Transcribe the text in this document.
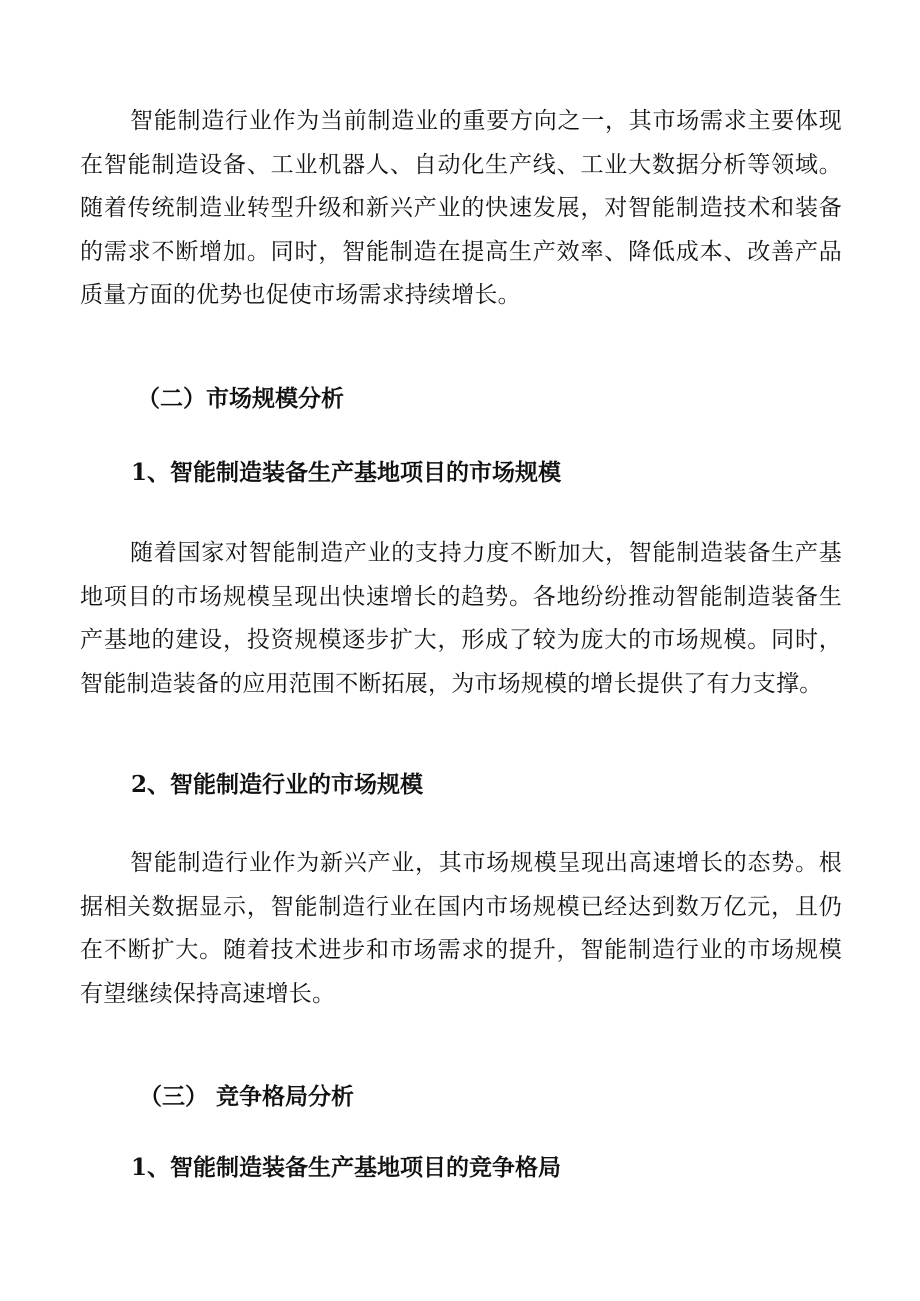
智能制造行业作为当前制造业的重要方向之一，其市场需求主要体现在智能制造设备、工业机器人、自动化生产线、工业大数据分析等领域。随着传统制造业转型升级和新兴产业的快速发展，对智能制造技术和装备的需求不断增加。同时，智能制造在提高生产效率、降低成本、改善产品质量方面的优势也促使市场需求持续增长。

（二）市场规模分析
1、智能制造装备生产基地项目的市场规模

随着国家对智能制造产业的支持力度不断加大，智能制造装备生产基地项目的市场规模呈现出快速增长的趋势。各地纷纷推动智能制造装备生产基地的建设，投资规模逐步扩大，形成了较为庞大的市场规模。同时，智能制造装备的应用范围不断拓展，为市场规模的增长提供了有力支撑。

2、智能制造行业的市场规模

智能制造行业作为新兴产业，其市场规模呈现出高速增长的态势。根据相关数据显示，智能制造行业在国内市场规模已经达到数万亿元，且仍在不断扩大。随着技术进步和市场需求的提升，智能制造行业的市场规模有望继续保持高速增长。

（三） 竞争格局分析
1、智能制造装备生产基地项目的竞争格局
